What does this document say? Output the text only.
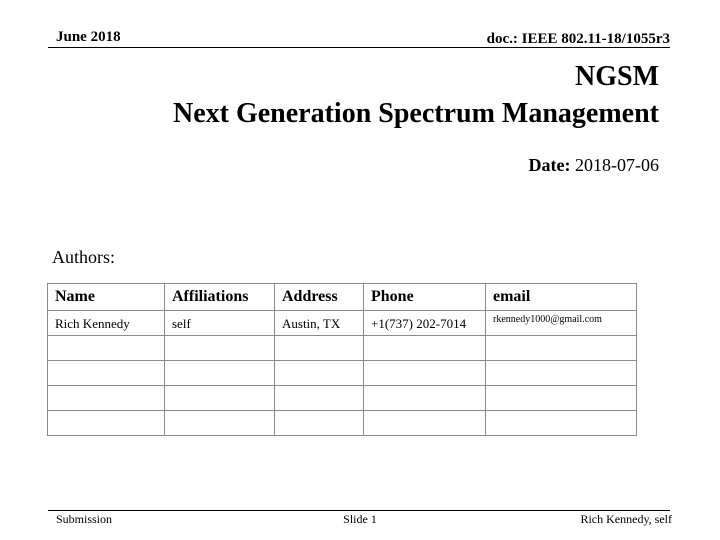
June 2018	doc.: IEEE 802.11-18/1055r3
NGSM
Next Generation Spectrum Management
Date: 2018-07-06
Authors:
Name	Affiliations	Address	Phone	email
Rich Kennedy	self	Austin, TX	+1(737) 202-7014	rkennedy1000@gmail.com

Submission	Slide 1	Rich Kennedy, self
